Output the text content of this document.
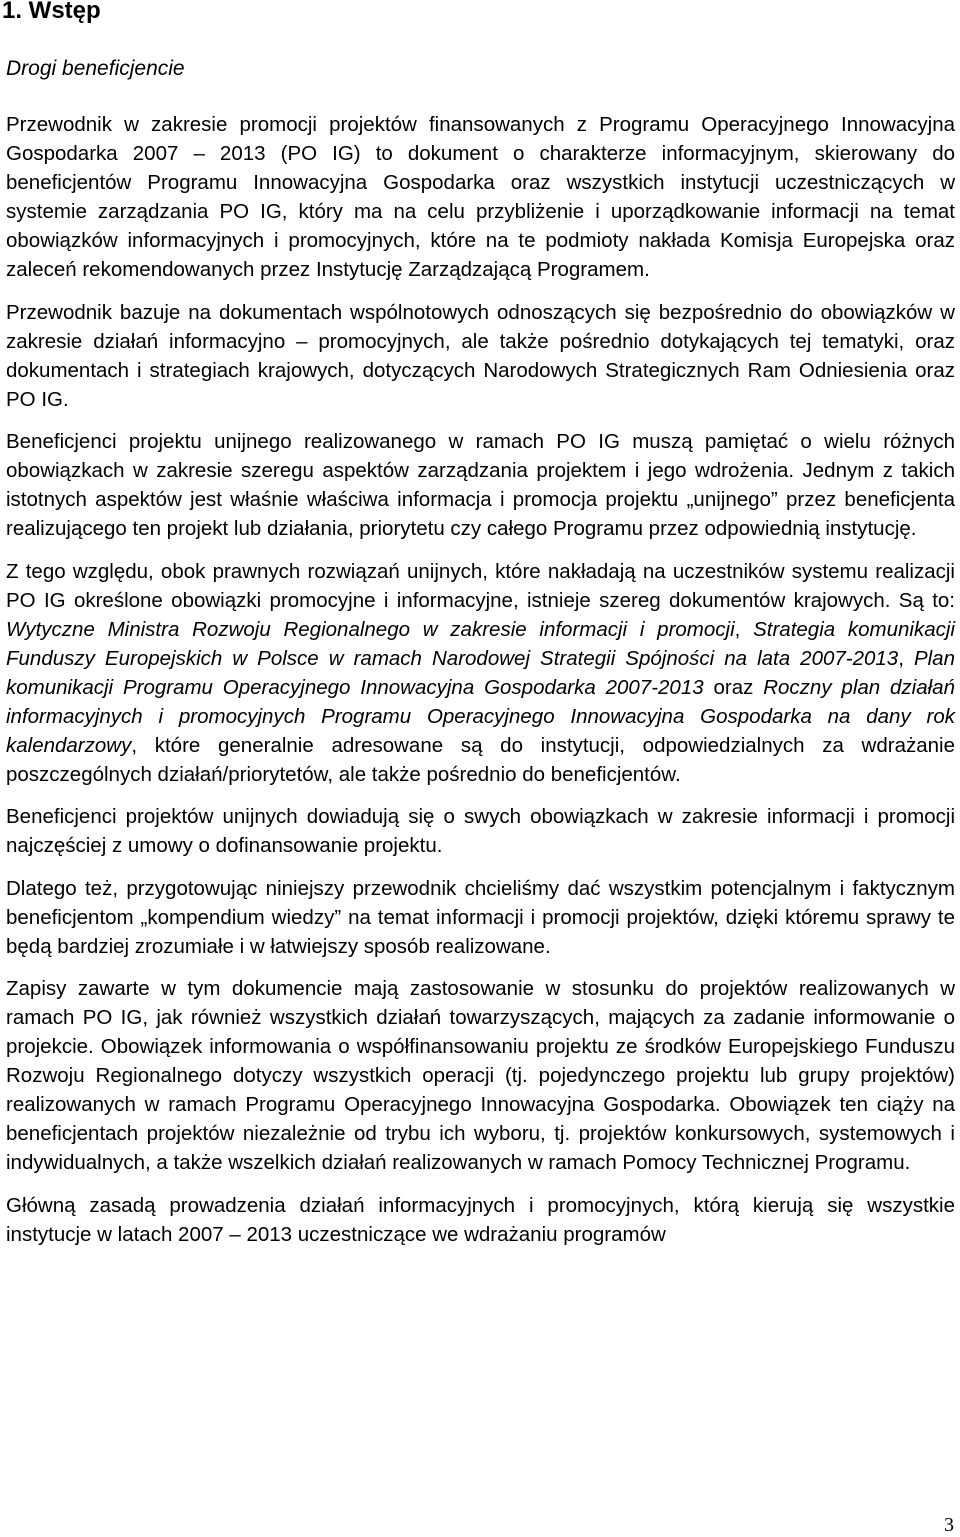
1. Wstęp
Drogi beneficjencie

Przewodnik w zakresie promocji projektów finansowanych z Programu Operacyjnego Innowacyjna Gospodarka 2007 – 2013 (PO IG) to dokument o charakterze informacyjnym, skierowany do beneficjentów Programu Innowacyjna Gospodarka oraz wszystkich instytucji uczestniczących w systemie zarządzania PO IG, który ma na celu przybliżenie i uporządkowanie informacji na temat obowiązków informacyjnych i promocyjnych, które na te podmioty nakłada Komisja Europejska oraz zaleceń rekomendowanych przez Instytucję Zarządzającą Programem.

Przewodnik bazuje na dokumentach wspólnotowych odnoszących się bezpośrednio do obowiązków w zakresie działań informacyjno – promocyjnych, ale także pośrednio dotykających tej tematyki, oraz dokumentach i strategiach krajowych, dotyczących Narodowych Strategicznych Ram Odniesienia oraz PO IG.

Beneficjenci projektu unijnego realizowanego w ramach PO IG muszą pamiętać o wielu różnych obowiązkach w zakresie szeregu aspektów zarządzania projektem i jego wdrożenia. Jednym z takich istotnych aspektów jest właśnie właściwa informacja i promocja projektu „unijnego” przez beneficjenta realizującego ten projekt lub działania, priorytetu czy całego Programu przez odpowiednią instytucję.

Z tego względu, obok prawnych rozwiązań unijnych, które nakładają na uczestników systemu realizacji PO IG określone obowiązki promocyjne i informacyjne, istnieje szereg dokumentów krajowych. Są to: Wytyczne Ministra Rozwoju Regionalnego w zakresie informacji i promocji, Strategia komunikacji Funduszy Europejskich w Polsce w ramach Narodowej Strategii Spójności na lata 2007-2013, Plan komunikacji Programu Operacyjnego Innowacyjna Gospodarka 2007-2013 oraz Roczny plan działań informacyjnych i promocyjnych Programu Operacyjnego Innowacyjna Gospodarka na dany rok kalendarzowy, które generalnie adresowane są do instytucji, odpowiedzialnych za wdrażanie poszczególnych działań/priorytetów, ale także pośrednio do beneficjentów.

Beneficjenci projektów unijnych dowiadują się o swych obowiązkach w zakresie informacji i promocji najczęściej z umowy o dofinansowanie projektu.

Dlatego też, przygotowując niniejszy przewodnik chcieliśmy dać wszystkim potencjalnym i faktycznym beneficjentom „kompendium wiedzy” na temat informacji i promocji projektów, dzięki któremu sprawy te będą bardziej zrozumiałe i w łatwiejszy sposób realizowane.

Zapisy zawarte w tym dokumencie mają zastosowanie w stosunku do projektów realizowanych w ramach PO IG, jak również wszystkich działań towarzyszących, mających za zadanie informowanie o projekcie. Obowiązek informowania o współfinansowaniu projektu ze środków Europejskiego Funduszu Rozwoju Regionalnego dotyczy wszystkich operacji (tj. pojedynczego projektu lub grupy projektów) realizowanych w ramach Programu Operacyjnego Innowacyjna Gospodarka. Obowiązek ten ciąży na beneficjentach projektów niezależnie od trybu ich wyboru, tj. projektów konkursowych, systemowych i indywidualnych, a także wszelkich działań realizowanych w ramach Pomocy Technicznej Programu.

Główną zasadą prowadzenia działań informacyjnych i promocyjnych, którą kierują się wszystkie instytucje w latach 2007 – 2013 uczestniczące we wdrażaniu programów

3
